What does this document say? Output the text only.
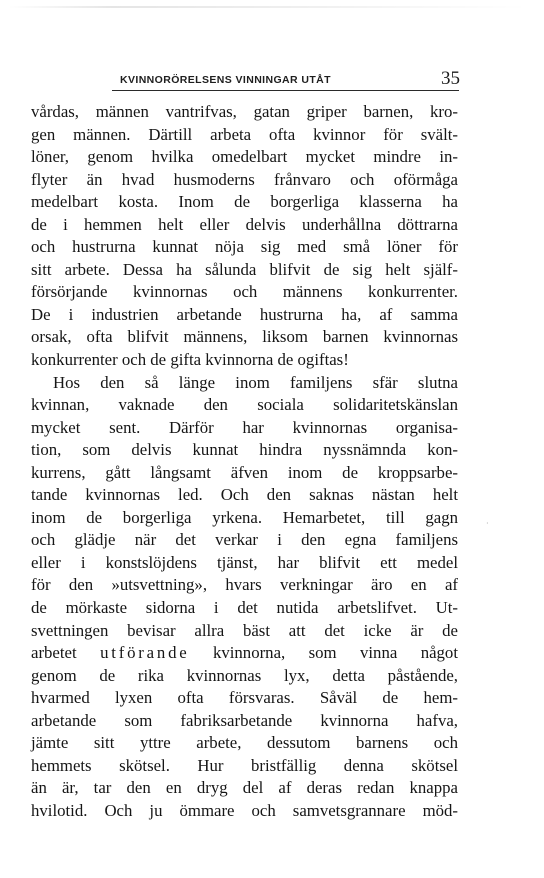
KVINNORÖRELSENS VINNINGAR UTÅT	35
vårdas, männen vantrifvas, gatan griper barnen, kro-
gen männen. Därtill arbeta ofta kvinnor för svält-
löner, genom hvilka omedelbart mycket mindre in-
flyter än hvad husmoderns frånvaro och oförmåga
medelbart kosta. Inom de borgerliga klasserna ha
de i hemmen helt eller delvis underhållna döttrarna
och hustrurna kunnat nöja sig med små löner för
sitt arbete. Dessa ha sålunda blifvit de sig helt själf-
försörjande kvinnornas och männens konkurrenter.
De i industrien arbetande hustrurna ha, af samma
orsak, ofta blifvit männens, liksom barnen kvinnornas
konkurrenter och de gifta kvinnorna de ogiftas!
Hos den så länge inom familjens sfär slutna
kvinnan, vaknade den sociala solidaritetskänslan
mycket sent. Därför har kvinnornas organisa-
tion, som delvis kunnat hindra nyssnämnda kon-
kurrens, gått långsamt äfven inom de kroppsarbe-
tande kvinnornas led. Och den saknas nästan helt
inom de borgerliga yrkena. Hemarbetet, till gagn
och glädje när det verkar i den egna familjens
eller i konstslöjdens tjänst, har blifvit ett medel
för den »utsvettning», hvars verkningar äro en af
de mörkaste sidorna i det nutida arbetslifvet. Ut-
svettningen bevisar allra bäst att det icke är de
arbetet utförande kvinnorna, som vinna något
genom de rika kvinnornas lyx, detta påstående,
hvarmed lyxen ofta försvaras. Såväl de hem-
arbetande som fabriksarbetande kvinnorna hafva,
jämte sitt yttre arbete, dessutom barnens och
hemmets skötsel. Hur bristfällig denna skötsel
än är, tar den en dryg del af deras redan knappa
hvilotid. Och ju ömmare och samvetsgrannare möd-
·
